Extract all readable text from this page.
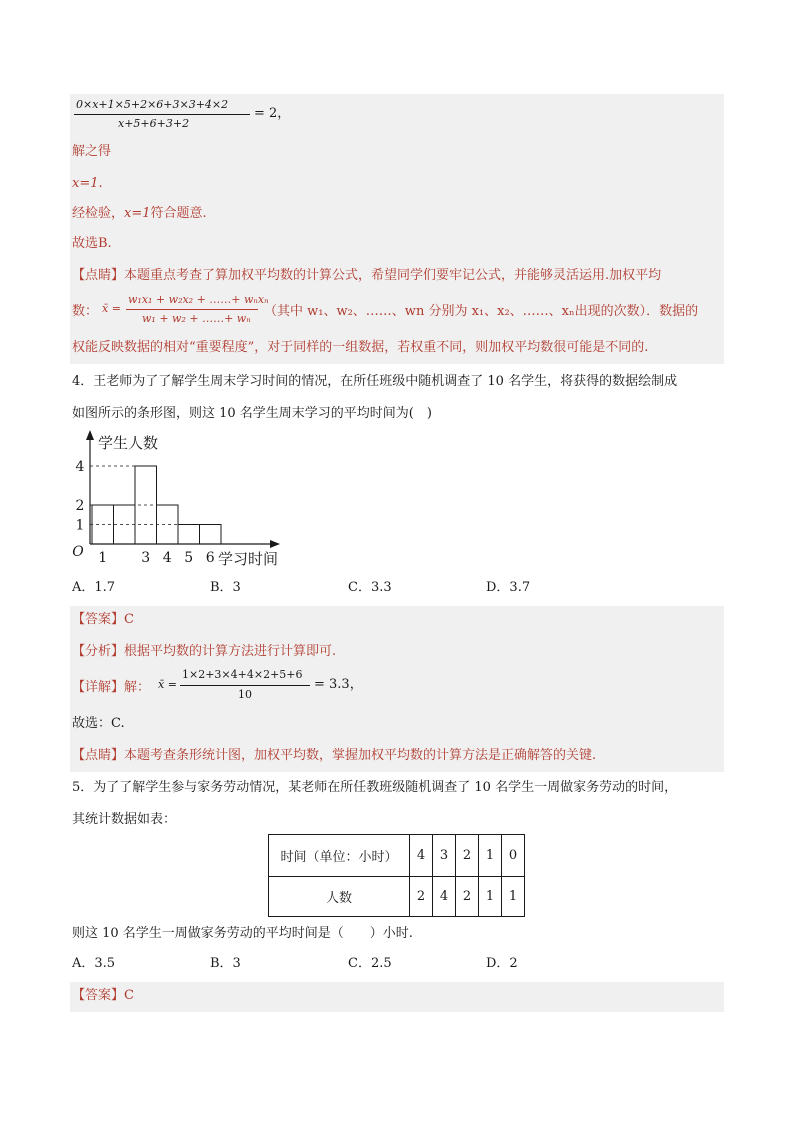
0×x+1×5+2×6+3×3+4×2
x+5+6+3+2
= 2，
解之得
x=1.
经检验，x=1符合题意.
故选B.
【点睛】本题重点考查了算加权平均数的计算公式，希望同学们要牢记公式，并能够灵活运用.加权平均
数： x̄ =
w₁x₁ + w₂x₂ + ……+ wₙxₙ
w₁ + w₂ + ……+ wₙ （其中 w₁、w₂、……、wn 分别为 x₁、x₂、……、xₙ出现的次数）．数据的
权能反映数据的相对“重要程度”，对于同样的一组数据，若权重不同，则加权平均数很可能是不同的.
4．王老师为了了解学生周末学习时间的情况，在所任班级中随机调查了 10 名学生，将获得的数据绘制成
如图所示的条形图，则这 10 名学生周末学习的平均时间为(　)
1
2
4
1 3 4 5 6
O
学生人数
学习时间
A．1.7	B．3	C．3.3	D．3.7
【答案】C
【分析】根据平均数的计算方法进行计算即可.
【详解】解： x̄ =
1×2+3×4+4×2+5+6
10
= 3.3，
故选：C.
【点睛】本题考查条形统计图，加权平均数，掌握加权平均数的计算方法是正确解答的关键.
5．为了了解学生参与家务劳动情况，某老师在所任教班级随机调查了 10 名学生一周做家务劳动的时间，
其统计数据如表：
时间（单位：小时）	4	3	2	1	0
人数	2	4	2	1	1
则这 10 名学生一周做家务劳动的平均时间是（　　）小时.
A．3.5	B．3	C．2.5	D．2
【答案】C
